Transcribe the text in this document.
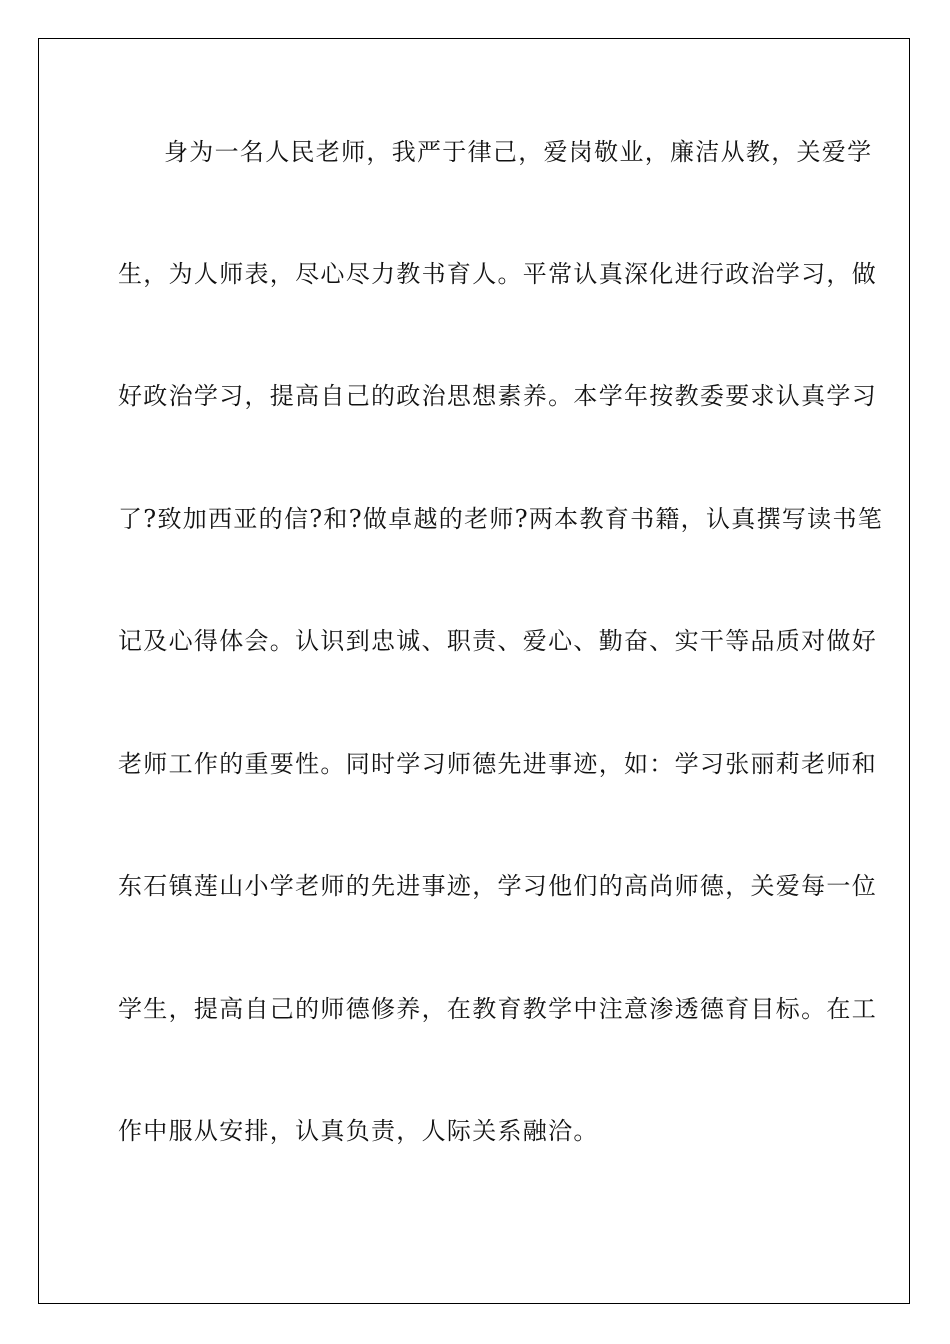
身为一名人民老师，我严于律己，爱岗敬业，廉洁从教，关爱学
生，为人师表，尽心尽力教书育人。平常认真深化进行政治学习，做
好政治学习，提高自己的政治思想素养。本学年按教委要求认真学习
了?致加西亚的信?和?做卓越的老师?两本教育书籍，认真撰写读书笔
记及心得体会。认识到忠诚、职责、爱心、勤奋、实干等品质对做好
老师工作的重要性。同时学习师德先进事迹，如：学习张丽莉老师和
东石镇莲山小学老师的先进事迹，学习他们的高尚师德，关爱每一位
学生，提高自己的师德修养，在教育教学中注意渗透德育目标。在工
作中服从安排，认真负责，人际关系融洽。
